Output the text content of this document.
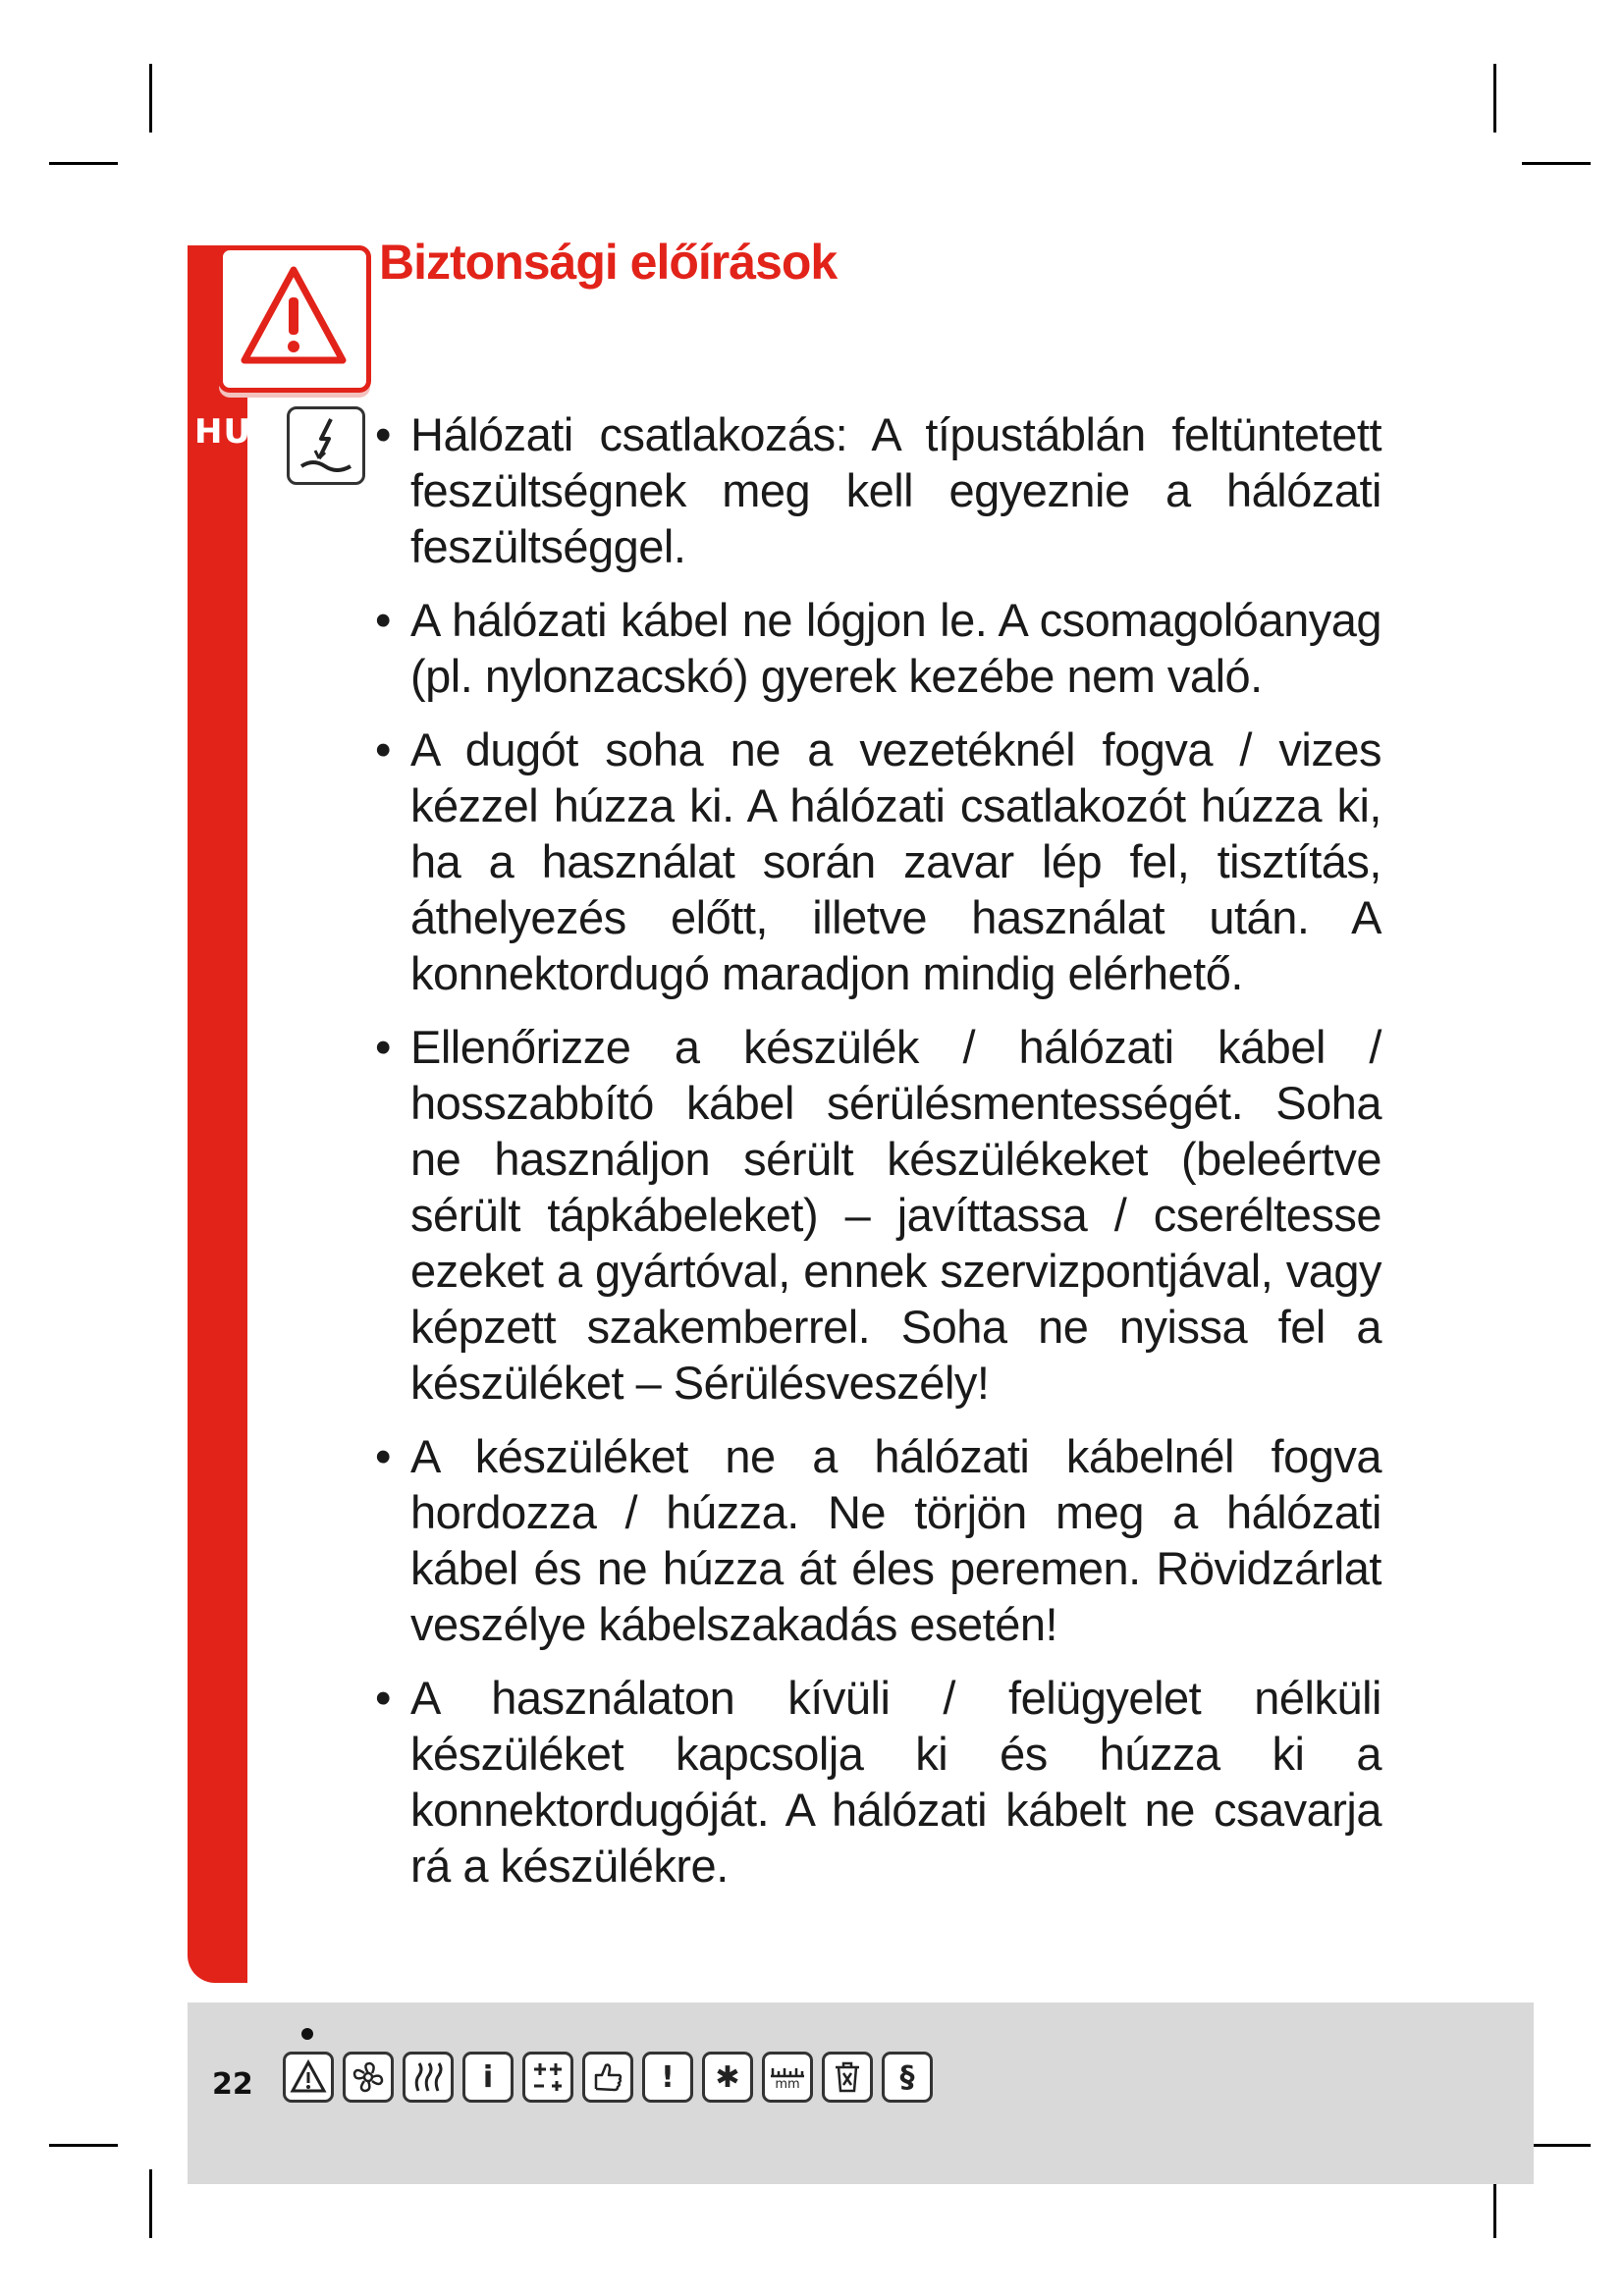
HU
Biztonsági előírások
• Hálózati csatlakozás: A típustáblán feltüntetett feszültségnek meg kell egyeznie a hálózati feszültséggel.
• A hálózati kábel ne lógjon le. A csomagolóanyag (pl. nylonzacskó) gyerek kezébe nem való.
• A dugót soha ne a vezetéknél fogva / vizes kézzel húzza ki. A hálózati csatlakozót húzza ki, ha a használat során zavar lép fel, tisztítás, áthelyezés előtt, illetve használat után. A konnektordugó maradjon mindig elérhető.
• Ellenőrizze a készülék / hálózati kábel / hosszabbító kábel sérülésmentességét. Soha ne használjon sérült készülékeket (beleértve sérült tápkábeleket) – javíttassa / cseréltesse ezeket a gyártóval, ennek szervizpontjával, vagy képzett szakemberrel. Soha ne nyissa fel a készüléket – Sérülésveszély!
• A készüléket ne a hálózati kábelnél fogva hordozza / húzza. Ne törjön meg a hálózati kábel és ne húzza át éles peremen. Rövidzárlat veszélye kábelszakadás esetén!
• A használaton kívüli / felügyelet nélküli készüléket kapcsolja ki és húzza ki a konnektordugóját. A hálózati kábelt ne csavarja rá a készülékre.
22	i	!	✱	mm	§
